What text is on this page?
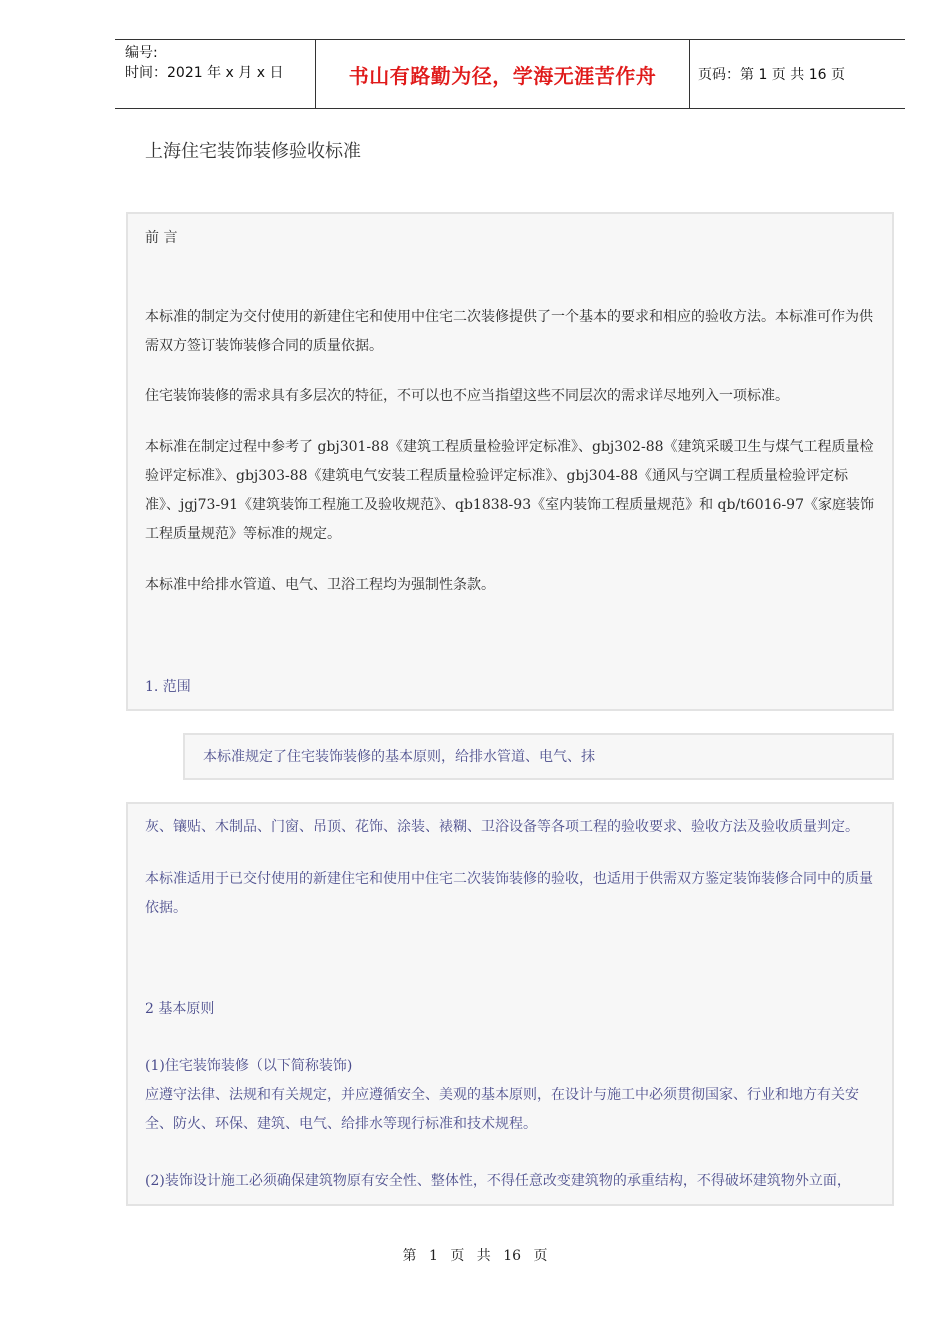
编号:
时间：2021 年 x 月 x 日	书山有路勤为径，学海无涯苦作舟	页码：第 1 页 共 16 页
上海住宅装饰装修验收标准
前 言
本标准的制定为交付使用的新建住宅和使用中住宅二次装修提供了一个基本的要求和相应的验收方法。本标准可作为供需双方签订装饰装修合同的质量依据。
住宅装饰装修的需求具有多层次的特征，不可以也不应当指望这些不同层次的需求详尽地列入一项标准。
本标准在制定过程中参考了 gbj301-88《建筑工程质量检验评定标准》、gbj302-88《建筑采暖卫生与煤气工程质量检验评定标准》、gbj303-88《建筑电气安装工程质量检验评定标准》、gbj304-88《通风与空调工程质量检验评定标准》、jgj73-91《建筑装饰工程施工及验收规范》、qb1838-93《室内装饰工程质量规范》和 qb/t6016-97《家庭装饰工程质量规范》等标准的规定。
本标准中给排水管道、电气、卫浴工程均为强制性条款。
1. 范围
本标准规定了住宅装饰装修的基本原则，给排水管道、电气、抹
灰、镶贴、木制品、门窗、吊顶、花饰、涂装、裱糊、卫浴设备等各项工程的验收要求、验收方法及验收质量判定。
本标准适用于已交付使用的新建住宅和使用中住宅二次装饰装修的验收，也适用于供需双方鉴定装饰装修合同中的质量依据。
2 基本原则
(1)住宅装饰装修（以下简称装饰)
应遵守法律、法规和有关规定，并应遵循安全、美观的基本原则，在设计与施工中必须贯彻国家、行业和地方有关安全、防火、环保、建筑、电气、给排水等现行标准和技术规程。
(2)装饰设计施工必须确保建筑物原有安全性、整体性，不得任意改变建筑物的承重结构，不得破坏建筑物外立面，
第 1 页 共 16 页
